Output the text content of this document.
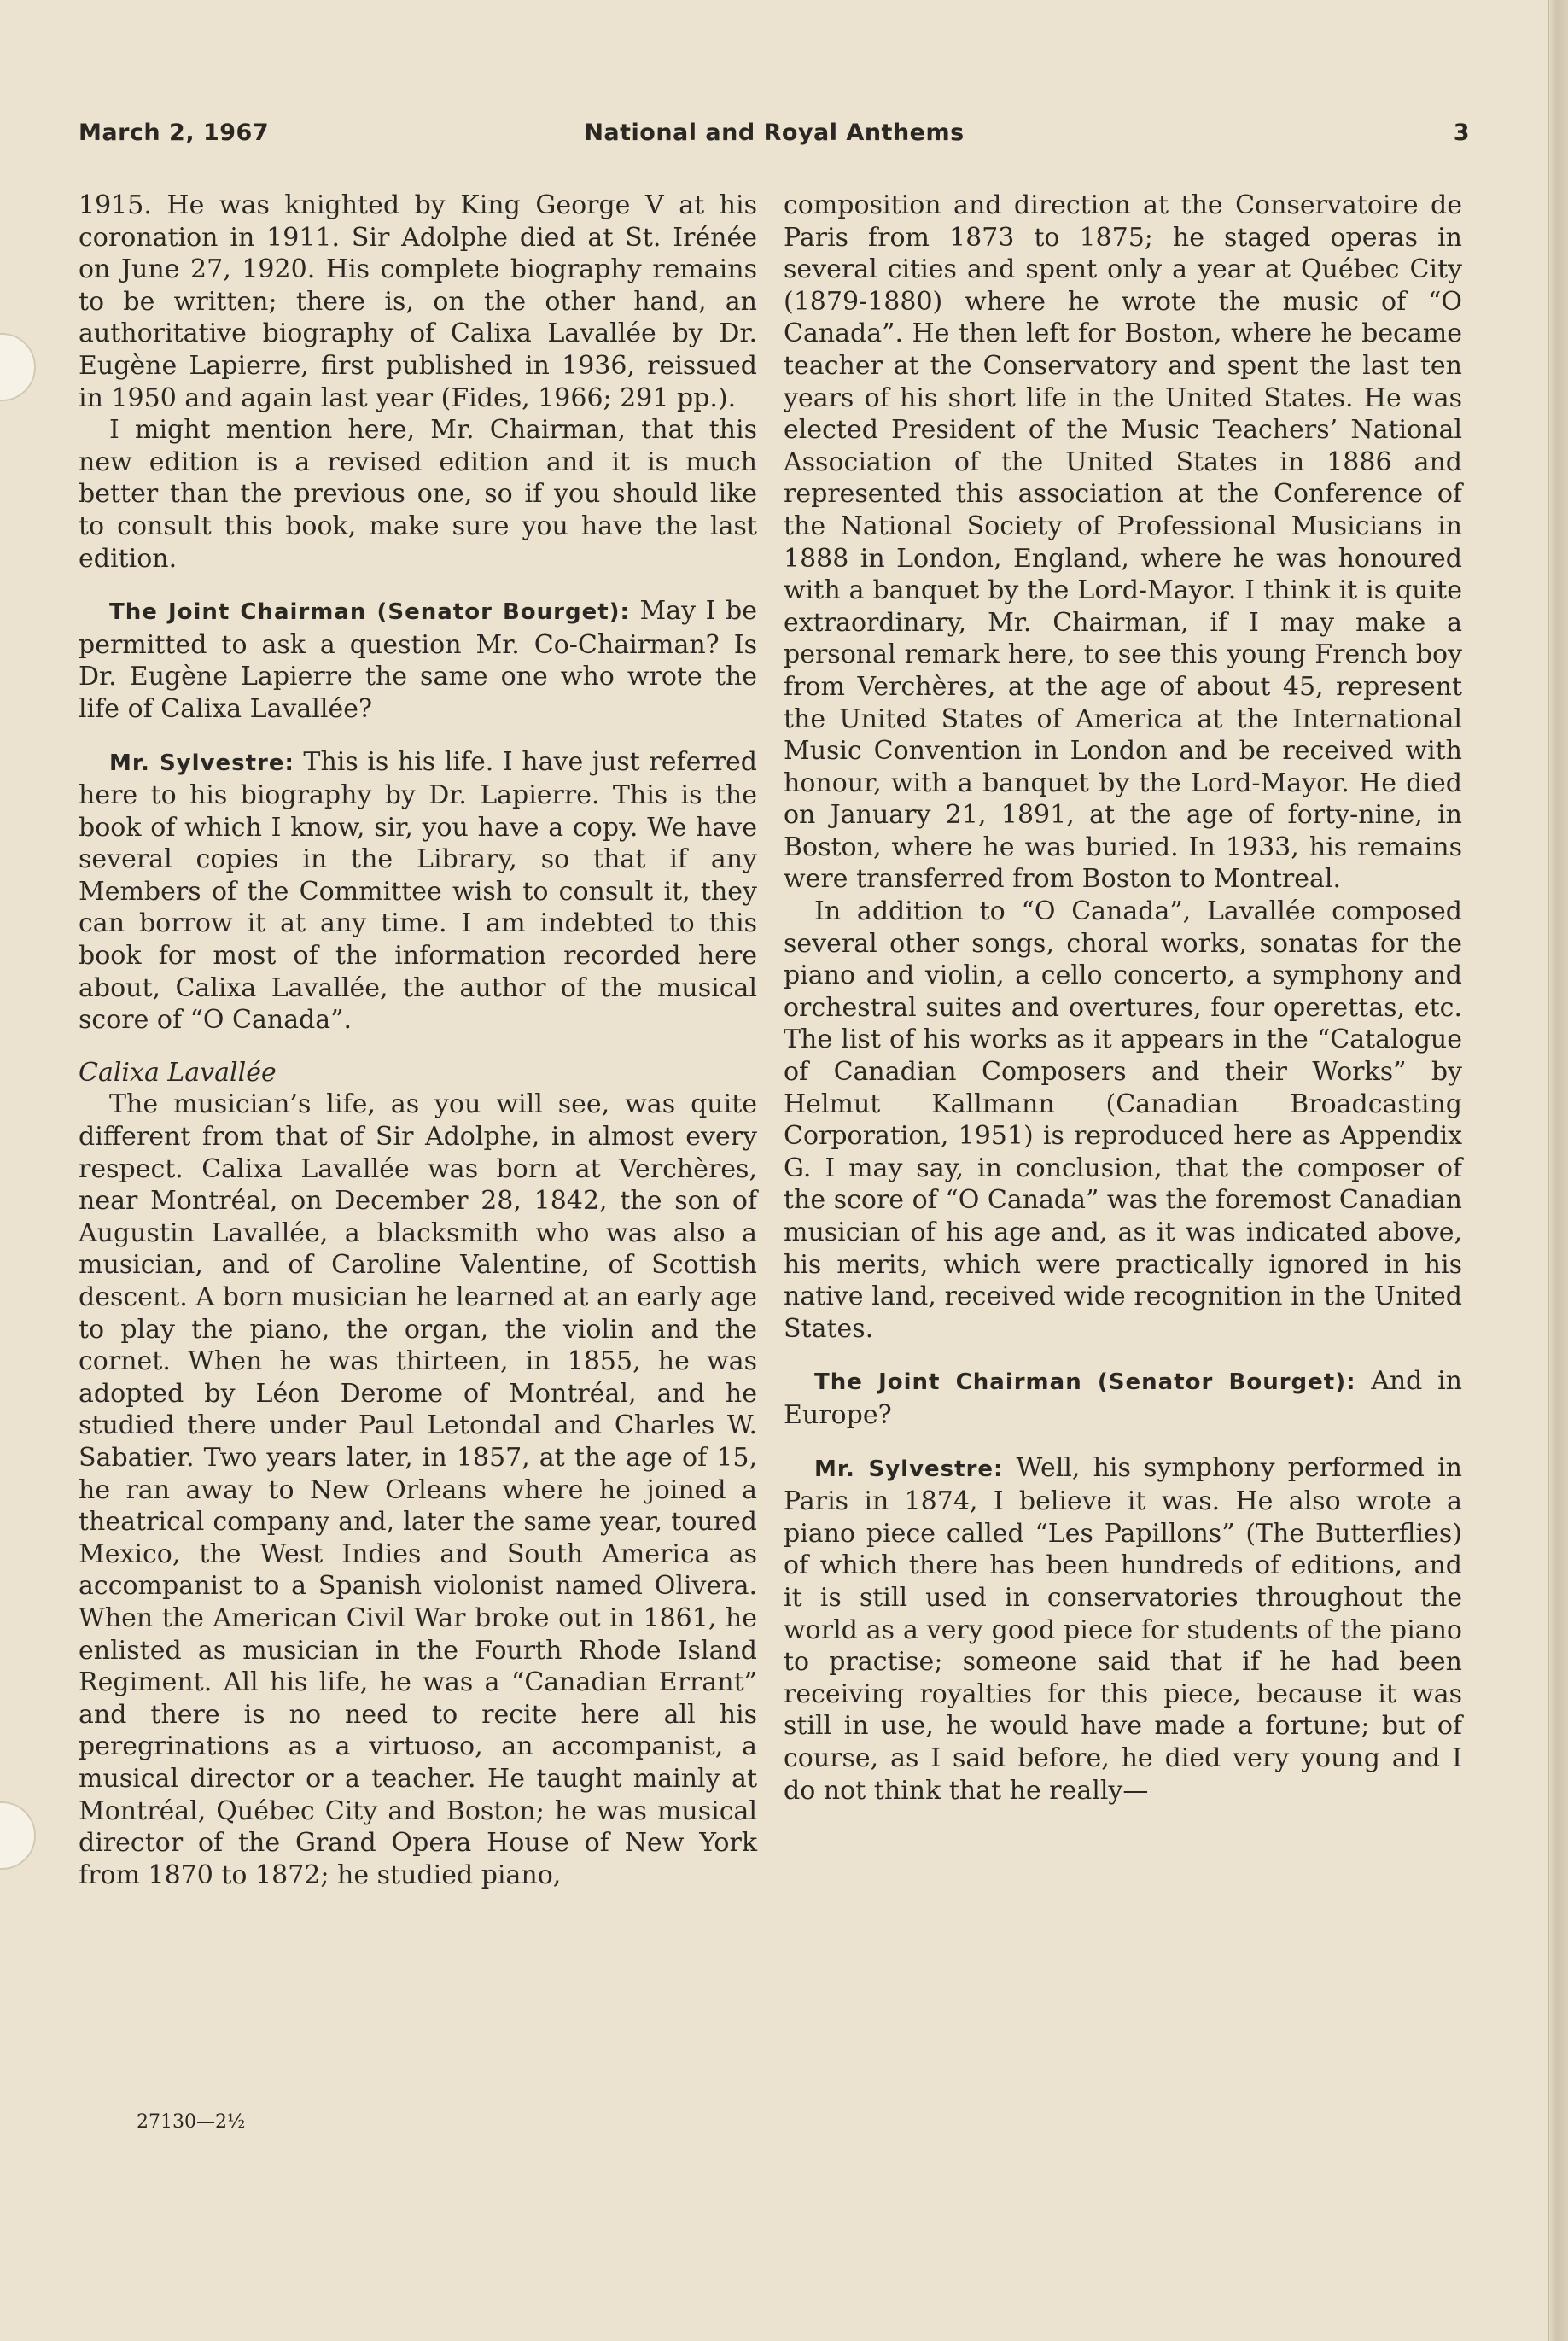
March 2, 1967	National and Royal Anthems	3

1915. He was knighted by King George V at his coronation in 1911. Sir Adolphe died at St. Irénée on June 27, 1920. His complete biography remains to be written; there is, on the other hand, an authoritative biography of Calixa Lavallée by Dr. Eugène Lapierre, first published in 1936, reissued in 1950 and again last year (Fides, 1966; 291 pp.).

I might mention here, Mr. Chairman, that this new edition is a revised edition and it is much better than the previous one, so if you should like to consult this book, make sure you have the last edition.

The Joint Chairman (Senator Bourget): May I be permitted to ask a question Mr. Co-Chairman? Is Dr. Eugène Lapierre the same one who wrote the life of Calixa Lavallée?

Mr. Sylvestre: This is his life. I have just referred here to his biography by Dr. Lapierre. This is the book of which I know, sir, you have a copy. We have several copies in the Library, so that if any Members of the Committee wish to consult it, they can borrow it at any time. I am indebted to this book for most of the information recorded here about, Calixa Lavallée, the author of the musical score of “O Canada”.

Calixa Lavallée

The musician’s life, as you will see, was quite different from that of Sir Adolphe, in almost every respect. Calixa Lavallée was born at Verchères, near Montréal, on December 28, 1842, the son of Augustin Lavallée, a blacksmith who was also a musician, and of Caroline Valentine, of Scottish descent. A born musician he learned at an early age to play the piano, the organ, the violin and the cornet. When he was thirteen, in 1855, he was adopted by Léon Derome of Montréal, and he studied there under Paul Letondal and Charles W. Sabatier. Two years later, in 1857, at the age of 15, he ran away to New Orleans where he joined a theatrical company and, later the same year, toured Mexico, the West Indies and South America as accompanist to a Spanish violonist named Olivera. When the American Civil War broke out in 1861, he enlisted as musician in the Fourth Rhode Island Regiment. All his life, he was a “Canadian Errant” and there is no need to recite here all his peregrinations as a virtuoso, an accompanist, a musical director or a teacher. He taught mainly at Montréal, Québec City and Boston; he was musical director of the Grand Opera House of New York from 1870 to 1872; he studied piano,

27130—2½

composition and direction at the Conservatoire de Paris from 1873 to 1875; he staged operas in several cities and spent only a year at Québec City (1879-1880) where he wrote the music of “O Canada”. He then left for Boston, where he became teacher at the Conservatory and spent the last ten years of his short life in the United States. He was elected President of the Music Teachers’ National Association of the United States in 1886 and represented this association at the Conference of the National Society of Professional Musicians in 1888 in London, England, where he was honoured with a banquet by the Lord-Mayor. I think it is quite extraordinary, Mr. Chairman, if I may make a personal remark here, to see this young French boy from Verchères, at the age of about 45, represent the United States of America at the International Music Convention in London and be received with honour, with a banquet by the Lord-Mayor. He died on January 21, 1891, at the age of forty-nine, in Boston, where he was buried. In 1933, his remains were transferred from Boston to Montreal.

In addition to “O Canada”, Lavallée composed several other songs, choral works, sonatas for the piano and violin, a cello concerto, a symphony and orchestral suites and overtures, four operettas, etc. The list of his works as it appears in the “Catalogue of Canadian Composers and their Works” by Helmut Kallmann (Canadian Broadcasting Corporation, 1951) is reproduced here as Appendix G. I may say, in conclusion, that the composer of the score of “O Canada” was the foremost Canadian musician of his age and, as it was indicated above, his merits, which were practically ignored in his native land, received wide recognition in the United States.

The Joint Chairman (Senator Bourget): And in Europe?

Mr. Sylvestre: Well, his symphony performed in Paris in 1874, I believe it was. He also wrote a piano piece called “Les Papillons” (The Butterflies) of which there has been hundreds of editions, and it is still used in conservatories throughout the world as a very good piece for students of the piano to practise; someone said that if he had been receiving royalties for this piece, because it was still in use, he would have made a fortune; but of course, as I said before, he died very young and I do not think that he really—
